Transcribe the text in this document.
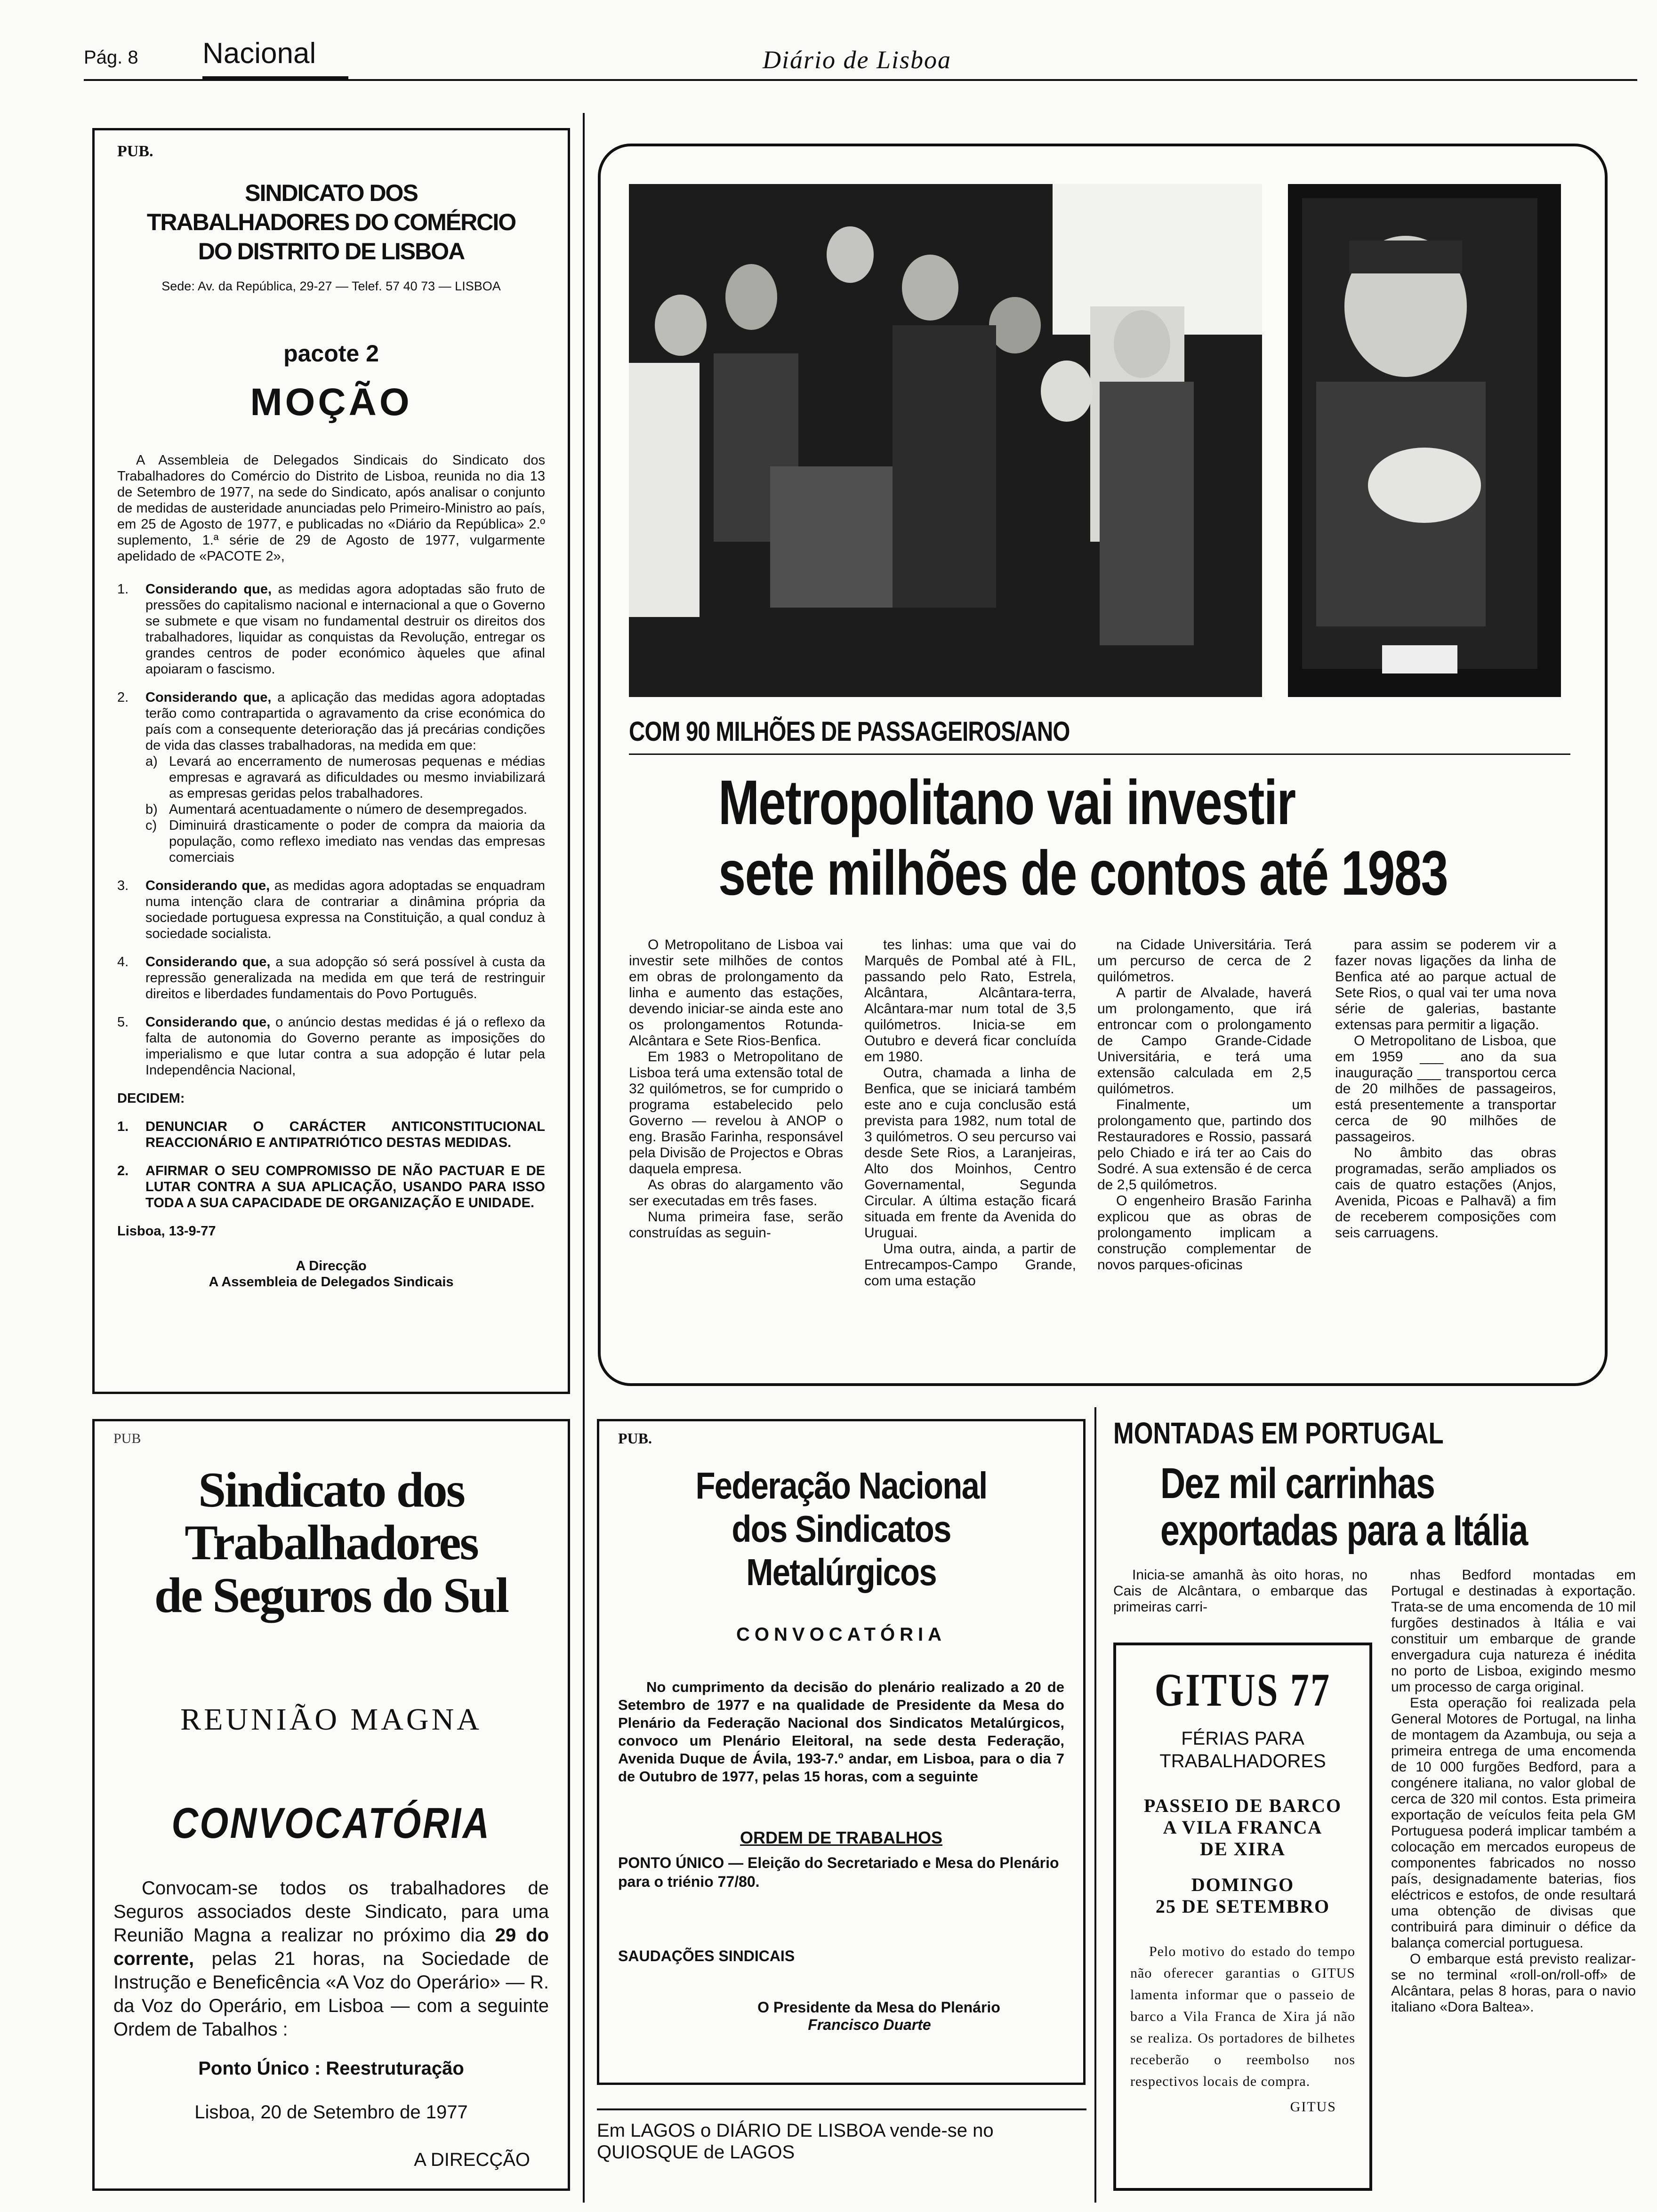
Pág. 8 Nacional	Diário de Lisboa
PUB.
SINDICATO DOS TRABALHADORES DO COMÉRCIO DO DISTRITO DE LISBOA
Sede: Av. da República, 29-27 — Telef. 57 40 73 — LISBOA
pacote 2
MOÇÃO

A Assembleia de Delegados Sindicais do Sindicato dos Trabalhadores do Comércio do Distrito de Lisboa, reunida no dia 13 de Setembro de 1977, na sede do Sindicato, após analisar o conjunto de medidas de austeridade anunciadas pelo Primeiro-Ministro ao país, em 25 de Agosto de 1977, e publicadas no «Diário da República» 2.º suplemento, 1.ª série de 29 de Agosto de 1977, vulgarmente apelidado de «PACOTE 2»,

1.	Considerando que, as medidas agora adoptadas são fruto de pressões do capitalismo nacional e internacional a que o Governo se submete e que visam no fundamental destruir os direitos dos trabalhadores, liquidar as conquistas da Revolução, entregar os grandes centros de poder económico àqueles que afinal apoiaram o fascismo.

2.	Considerando que, a aplicação das medidas agora adoptadas terão como contrapartida o agravamento da crise económica do país com a consequente deterioração das já precárias condições de vida das classes trabalhadoras, na medida em que:

a) Levará ao encerramento de numerosas pequenas e médias empresas e agravará as dificuldades ou mesmo inviabilizará as empresas geridas pelos trabalhadores.

b) Aumentará acentuadamente o número de desempregados.

c) Diminuirá drasticamente o poder de compra da maioria da população, como reflexo imediato nas vendas das empresas comerciais

3.	Considerando que, as medidas agora adoptadas se enquadram numa intenção clara de contrariar a dinâmina própria da sociedade portuguesa expressa na Constituição, a qual conduz à sociedade socialista.

4.	Considerando que, a sua adopção só será possível à custa da repressão generalizada na medida em que terá de restringuir direitos e liberdades fundamentais do Povo Português.

5.	Considerando que, o anúncio destas medidas é já o reflexo da falta de autonomia do Governo perante as imposições do imperialismo e que lutar contra a sua adopção é lutar pela Independência Nacional,

DECIDEM:
1.	DENUNCIAR O CARÁCTER ANTICONSTITUCIONAL REACCIONÁRIO E ANTIPATRIÓTICO DESTAS MEDIDAS.

2.	AFIRMAR O SEU COMPROMISSO DE NÃO PACTUAR E DE LUTAR CONTRA A SUA APLICAÇÃO, USANDO PARA ISSO TODA A SUA CAPACIDADE DE ORGANIZAÇÃO E UNIDADE.

Lisboa, 13-9-77
A Direcção
A Assembleia de Delegados Sindicais
COM 90 MILHÕES DE PASSAGEIROS/ANO
Metropolitano vai investir
sete milhões de contos até 1983

O Metropolitano de Lisboa vai investir sete milhões de contos em obras de prolongamento da linha e aumento das estações, devendo iniciar-se ainda este ano os prolongamentos Rotunda-Alcântara e Sete Rios-Benfica.

Em 1983 o Metropolitano de Lisboa terá uma extensão total de 32 quilómetros, se for cumprido o programa estabelecido pelo Governo — revelou à ANOP o eng. Brasão Farinha, responsável pela Divisão de Projectos e Obras daquela empresa.

As obras do alargamento vão ser executadas em três fases.

Numa primeira fase, serão construídas as seguin-

tes linhas: uma que vai do Marquês de Pombal até à FIL, passando pelo Rato, Estrela, Alcântara, Alcântara-terra, Alcântara-mar num total de 3,5 quilómetros. Inicia-se em Outubro e deverá ficar concluída em 1980.

Outra, chamada a linha de Benfica, que se iniciará também este ano e cuja conclusão está prevista para 1982, num total de 3 quilómetros. O seu percurso vai desde Sete Rios, a Laranjeiras, Alto dos Moinhos, Centro Governamental, Segunda Circular. A última estação ficará situada em frente da Avenida do Uruguai.

Uma outra, ainda, a partir de Entrecampos-Campo Grande, com uma estação

na Cidade Universitária. Terá um percurso de cerca de 2 quilómetros.

A partir de Alvalade, haverá um prolongamento, que irá entroncar com o prolongamento de Campo Grande-Cidade Universitária, e terá uma extensão calculada em 2,5 quilómetros.

Finalmente, um prolongamento que, partindo dos Restauradores e Rossio, passará pelo Chiado e irá ter ao Cais do Sodré. A sua extensão é de cerca de 2,5 quilómetros.

O engenheiro Brasão Farinha explicou que as obras de prolongamento implicam a construção complementar de novos parques-oficinas

para assim se poderem vir a fazer novas ligações da linha de Benfica até ao parque actual de Sete Rios, o qual vai ter uma nova série de galerias, bastante extensas para permitir a ligação.

O Metropolitano de Lisboa, que em 1959 ___ ano da sua inauguração ___ transportou cerca de 20 milhões de passageiros, está presentemente a transportar cerca de 90 milhões de passageiros.

No âmbito das obras programadas, serão ampliados os cais de quatro estações (Anjos, Avenida, Picoas e Palhavã) a fim de receberem composições com seis carruagens.

PUB
Sindicato dos Trabalhadores
de Seguros do Sul
REUNIÃO MAGNA
CONVOCATÓRIA

Convocam-se todos os trabalhadores de Seguros associados deste Sindicato, para uma Reunião Magna a realizar no próximo dia 29 do corrente, pelas 21 horas, na Sociedade de Instrução e Beneficência «A Voz do Operário» — R. da Voz do Operário, em Lisboa — com a seguinte Ordem de Tabalhos :

Ponto Único : Reestruturação
Lisboa, 20 de Setembro de 1977
A DIRECÇÃO
PUB.
Federação Nacional
dos Sindicatos Metalúrgicos
CONVOCATÓRIA

No cumprimento da decisão do plenário realizado a 20 de Setembro de 1977 e na qualidade de Presidente da Mesa do Plenário da Federação Nacional dos Sindicatos Metalúrgicos, convoco um Plenário Eleitoral, na sede desta Federação, Avenida Duque de Ávila, 193-7.º andar, em Lisboa, para o dia 7 de Outubro de 1977, pelas 15 horas, com a seguinte

ORDEM DE TRABALHOS

PONTO ÚNICO — Eleição do Secretariado e Mesa do Plenário para o triénio 77/80.

SAUDAÇÕES SINDICAIS
O Presidente da Mesa do Plenário
Francisco Duarte
Em LAGOS o DIÁRIO DE LISBOA vende-se no QUIOSQUE de LAGOS
MONTADAS EM PORTUGAL
Dez mil carrinhas
exportadas para a Itália

Inicia-se amanhã às oito horas, no Cais de Alcântara, o embarque das primeiras carri-

GITUS 77
FÉRIAS PARA
TRABALHADORES
PASSEIO DE BARCO
A VILA FRANCA
DE XIRA
DOMINGO
25 DE SETEMBRO

Pelo motivo do estado do tempo não oferecer garantias o GITUS lamenta informar que o passeio de barco a Vila Franca de Xira já não se realiza. Os portadores de bilhetes receberão o reembolso nos respectivos locais de compra.

GITUS

nhas Bedford montadas em Portugal e destinadas à exportação. Trata-se de uma encomenda de 10 mil furgões destinados à Itália e vai constituir um embarque de grande envergadura cuja natureza é inédita no porto de Lisboa, exigindo mesmo um processo de carga original.

Esta operação foi realizada pela General Motores de Portugal, na linha de montagem da Azambuja, ou seja a primeira entrega de uma encomenda de 10 000 furgões Bedford, para a congénere italiana, no valor global de cerca de 320 mil contos. Esta primeira exportação de veículos feita pela GM Portuguesa poderá implicar também a colocação em mercados europeus de componentes fabricados no nosso país, designadamente baterias, fios eléctricos e estofos, de onde resultará uma obtenção de divisas que contribuirá para diminuir o défice da balança comercial portuguesa.

O embarque está previsto realizar-se no terminal «roll-on/roll-off» de Alcântara, pelas 8 horas, para o navio italiano «Dora Baltea».
